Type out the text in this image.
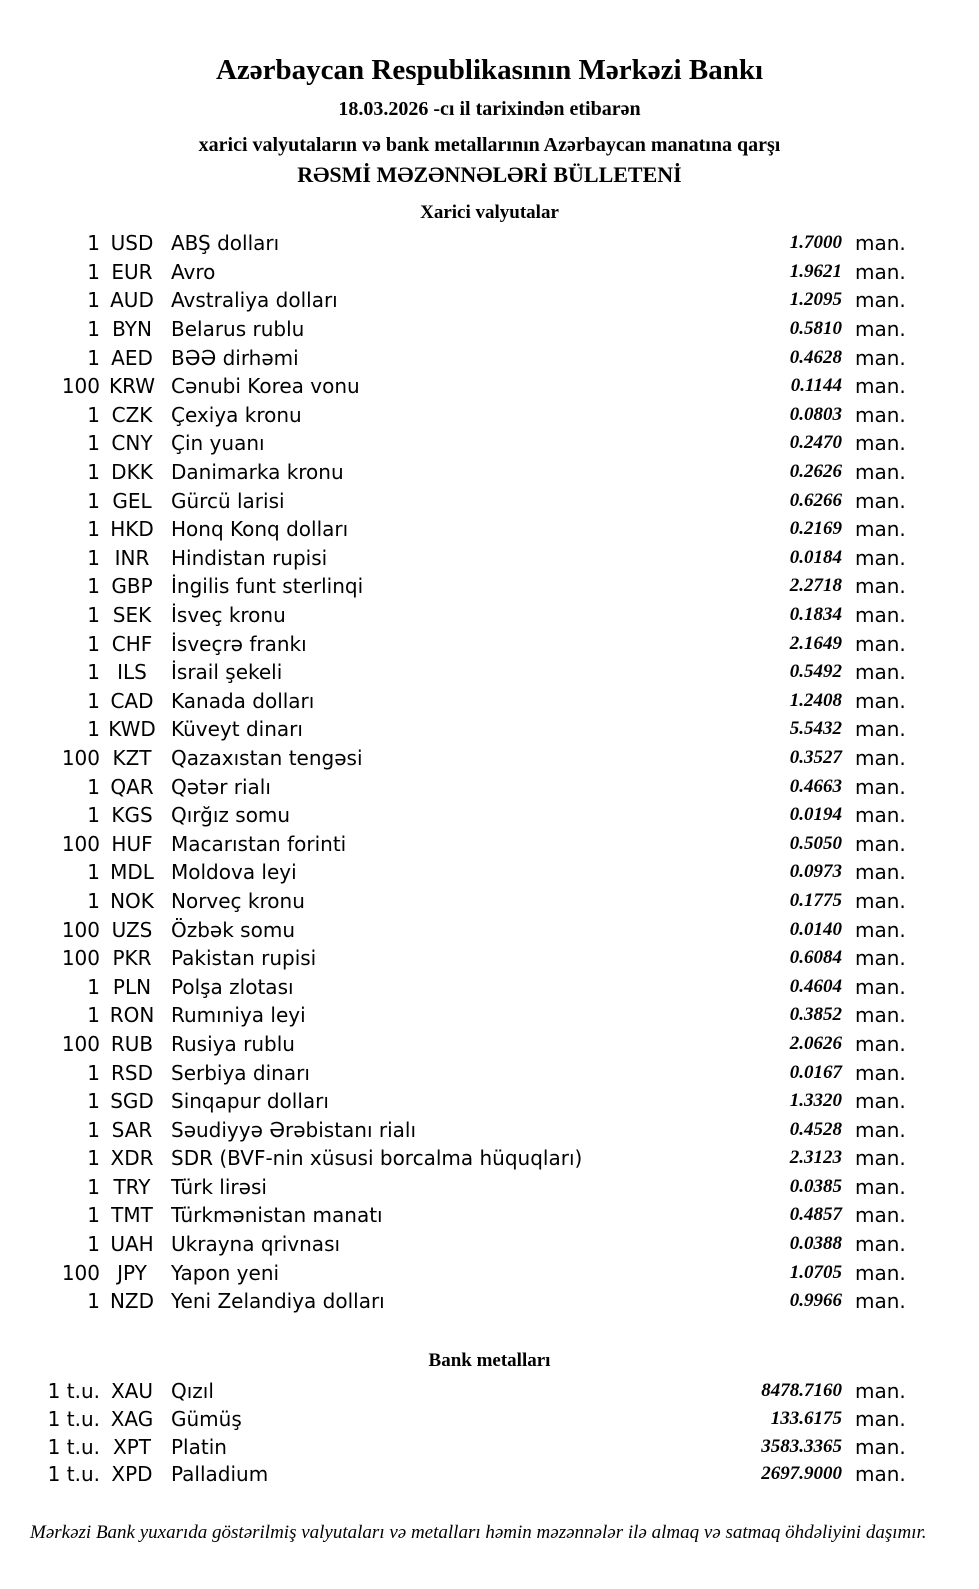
Azərbaycan Respublikasının Mərkəzi Bankı
18.03.2026 -cı il tarixindən etibarən
xarici valyutaların və bank metallarının Azərbaycan manatına qarşı
RƏSMİ MƏZƏNNƏLƏRİ BÜLLETENİ
Xarici valyutalar
1 USD ABŞ dolları	1.7000 man.
1 EUR Avro	1.9621 man.
1 AUD Avstraliya dolları	1.2095 man.
1 BYN Belarus rublu	0.5810 man.
1 AED BƏƏ dirhəmi	0.4628 man.
100 KRW Cənubi Korea vonu	0.1144 man.
1 CZK Çexiya kronu	0.0803 man.
1 CNY Çin yuanı	0.2470 man.
1 DKK Danimarka kronu	0.2626 man.
1 GEL Gürcü larisi	0.6266 man.
1 HKD Honq Konq dolları	0.2169 man.
1 INR	Hindistan rupisi	0.0184 man.
1 GBP İngilis funt sterlinqi	2.2718 man.
1 SEK İsveç kronu	0.1834 man.
1 CHF İsveçrə frankı	2.1649 man.
1 ILS	İsrail şekeli	0.5492 man.
1 CAD Kanada dolları	1.2408 man.
1 KWD Küveyt dinarı	5.5432 man.
100 KZT Qazaxıstan tengəsi	0.3527 man.
1 QAR Qətər rialı	0.4663 man.
1 KGS Qırğız somu	0.0194 man.
100 HUF Macarıstan forinti	0.5050 man.
1 MDL Moldova leyi	0.0973 man.
1 NOK Norveç kronu	0.1775 man.
100 UZS Özbək somu	0.0140 man.
100 PKR Pakistan rupisi	0.6084 man.
1 PLN Polşa zlotası	0.4604 man.
1 RON Rumıniya leyi	0.3852 man.
100 RUB Rusiya rublu	2.0626 man.
1 RSD Serbiya dinarı	0.0167 man.
1 SGD Sinqapur dolları	1.3320 man.
1 SAR Səudiyyə Ərəbistanı rialı	0.4528 man.
1 XDR SDR (BVF-nin xüsusi borcalma hüquqları)	2.3123 man.
1 TRY	Türk lirəsi	0.0385 man.
1 TMT Türkmənistan manatı	0.4857 man.
1 UAH Ukrayna qrivnası	0.0388 man.
100 JPY	Yapon yeni	1.0705 man.
1 NZD Yeni Zelandiya dolları	0.9966 man.
Bank metalları
1 t.u. XAU Qızıl	8478.7160 man.
1 t.u. XAG Gümüş	133.6175 man.
1 t.u. XPT	Platin	3583.3365 man.
1 t.u. XPD Palladium	2697.9000 man.
Mərkəzi Bank yuxarıda göstərilmiş valyutaları və metalları həmin məzənnələr ilə almaq və satmaq öhdəliyini daşımır.
